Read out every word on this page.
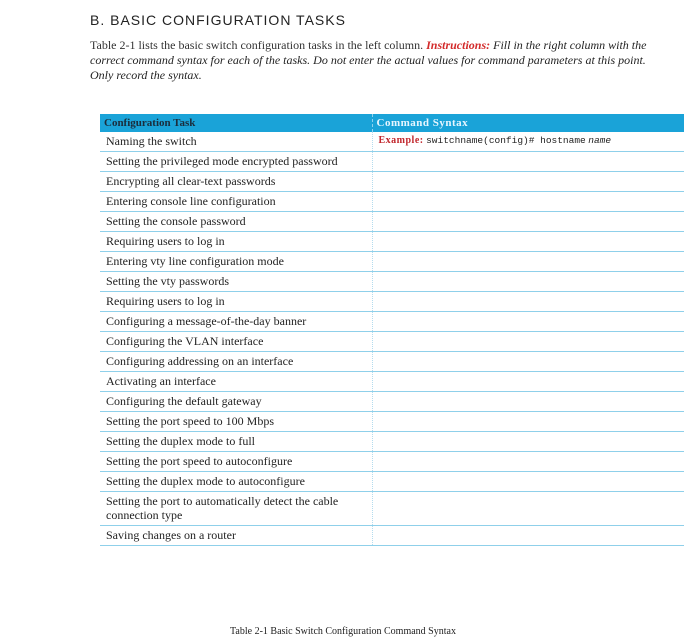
B. BASIC CONFIGURATION TASKS
Table 2-1 lists the basic switch configuration tasks in the left column. Instructions: Fill in the right column with the correct command syntax for each of the tasks. Do not enter the actual values for command parameters at this point. Only record the syntax.
Configuration Task	Command Syntax
Naming the switch	Example: switchname(config)# hostname name
Setting the privileged mode encrypted password	
Encrypting all clear-text passwords	
Entering console line configuration	
Setting the console password	
Requiring users to log in	
Entering vty line configuration mode	
Setting the vty passwords	
Requiring users to log in	
Configuring a message-of-the-day banner	
Configuring the VLAN interface	
Configuring addressing on an interface	
Activating an interface	
Configuring the default gateway	
Setting the port speed to 100 Mbps	
Setting the duplex mode to full	
Setting the port speed to autoconfigure	
Setting the duplex mode to autoconfigure	
Setting the port to automatically detect the cable connection type	
Saving changes on a router	
Table 2-1 Basic Switch Configuration Command Syntax
